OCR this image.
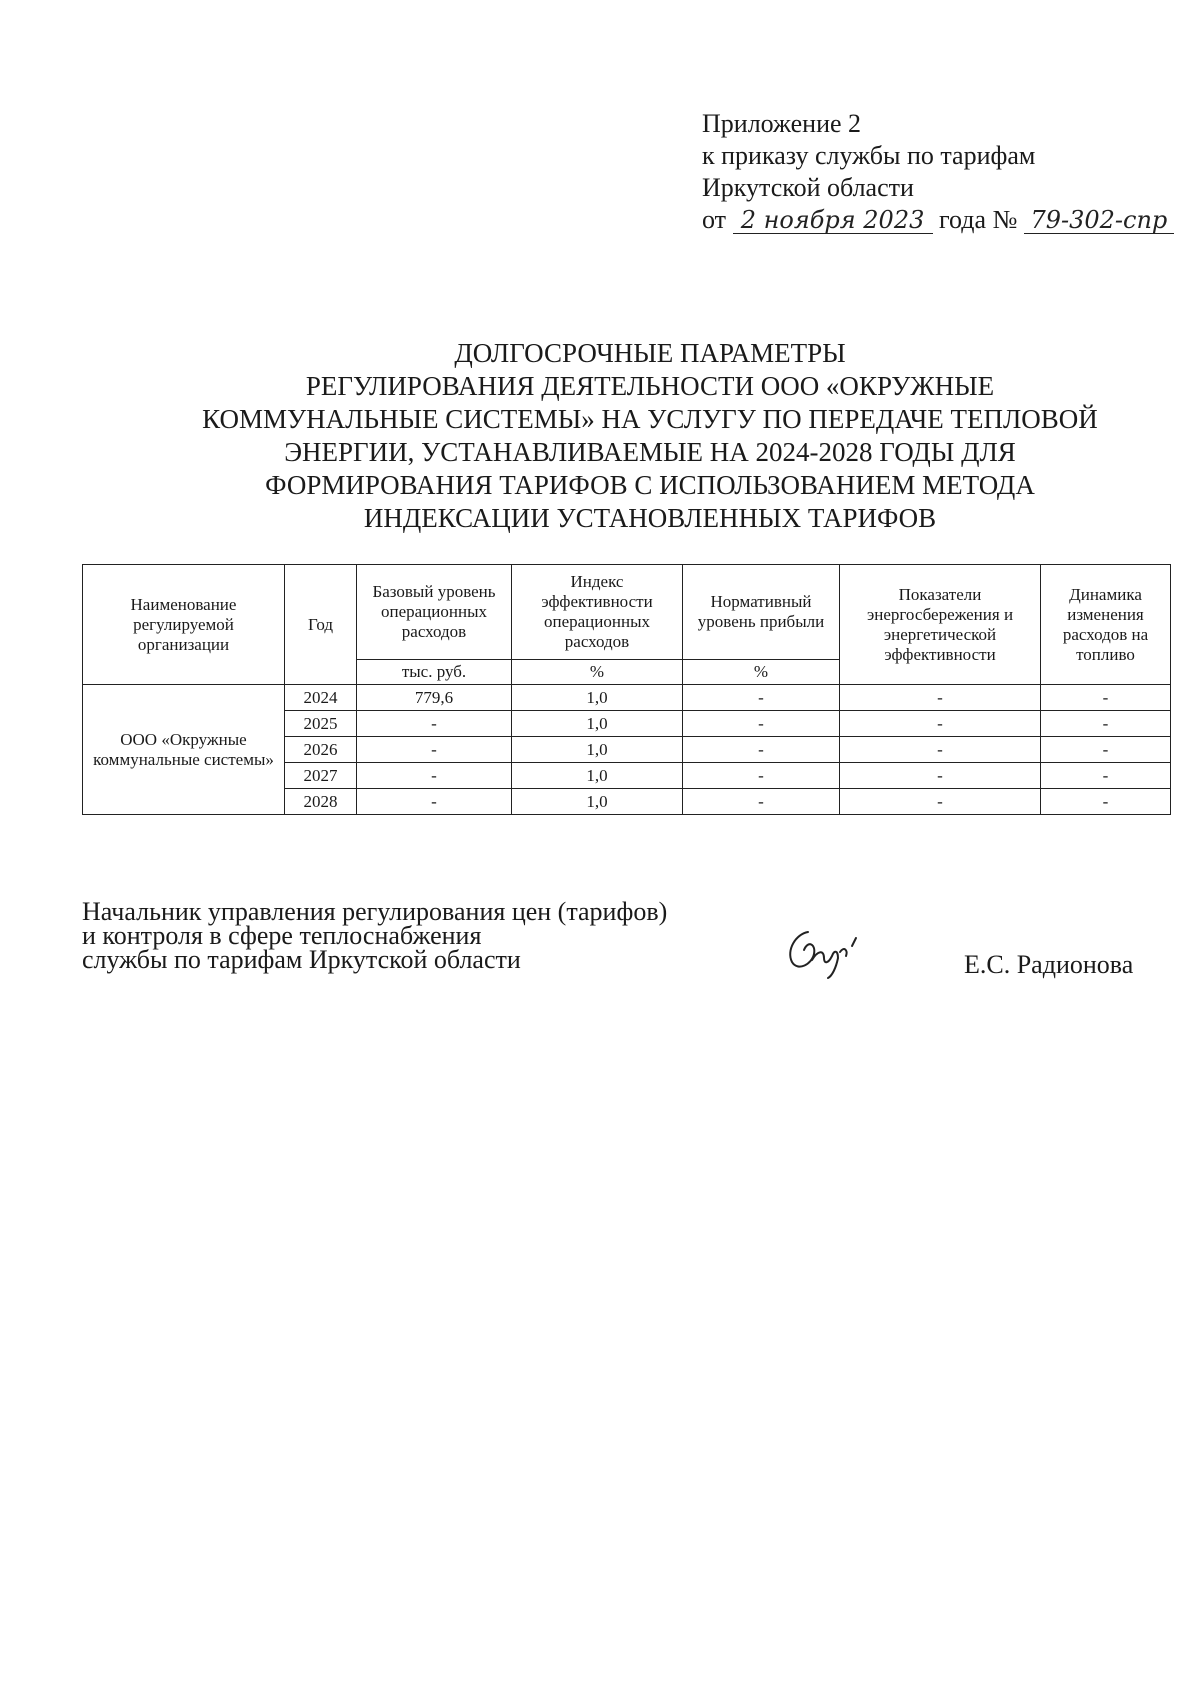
Приложение 2
к приказу службы по тарифам
Иркутской области
от 2 ноября 2023 года № 79-302-спр
ДОЛГОСРОЧНЫЕ ПАРАМЕТРЫ
РЕГУЛИРОВАНИЯ ДЕЯТЕЛЬНОСТИ ООО «ОКРУЖНЫЕ
КОММУНАЛЬНЫЕ СИСТЕМЫ» НА УСЛУГУ ПО ПЕРЕДАЧЕ ТЕПЛОВОЙ
ЭНЕРГИИ, УСТАНАВЛИВАЕМЫЕ НА 2024-2028 ГОДЫ ДЛЯ
ФОРМИРОВАНИЯ ТАРИФОВ С ИСПОЛЬЗОВАНИЕМ МЕТОДА
ИНДЕКСАЦИИ УСТАНОВЛЕННЫХ ТАРИФОВ
Наименование регулируемой организации	Год	Базовый уровень операционных расходов	Индекс эффективности операционных расходов	Нормативный уровень прибыли	Показатели энергосбережения и энергетической эффективности	Динамика изменения расходов на топливо
		тыс. руб.	%	%		
ООО «Окружные коммунальные системы»	2024	779,6	1,0	-	-	-
	2025	-	1,0	-	-	-
	2026	-	1,0	-	-	-
	2027	-	1,0	-	-	-
	2028	-	1,0	-	-	-
Начальник управления регулирования цен (тарифов)
и контроля в сфере теплоснабжения
службы по тарифам Иркутской области	Е.С. Радионова
